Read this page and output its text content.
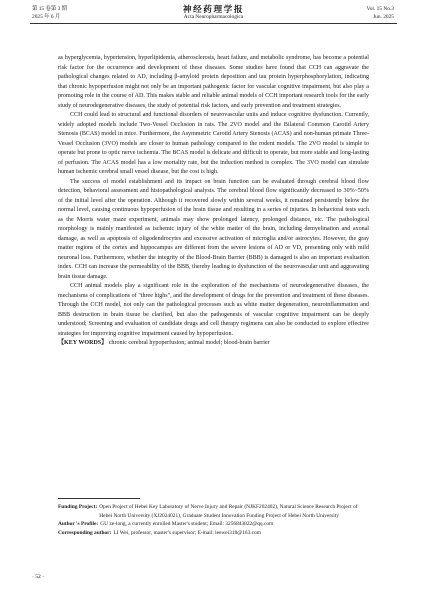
第 15 卷第 3 期
2025 年 6 月
神经药理学报
Acta Neuropharmacologica
Vol. 15 No.3
Jun. 2025

as hyperglycemia, hypertension, hyperlipidemia, atherosclerosis, heart failure, and metabolic syndrome, has become a potential risk factor for the occurrence and development of these diseases. Some studies have found that CCH can aggravate the pathological changes related to AD, including β-amyloid protein deposition and tau protein hyperphosphorylation, indicating that chronic hypoperfusion might not only be an important pathogenic factor for vascular cognitive impairment, but also play a promoting role in the course of AD. This makes stable and reliable animal models of CCH important research tools for the early study of neurodegenerative diseases, the study of potential risk factors, and early prevention and treatment strategies.

CCH could lead to structural and functional disorders of neurovascular units and induce cognitive dysfunction. Currently, widely adopted models include Two-Vessel Occlusion in rats. The 2VO model and the Bilateral Common Carotid Artery Stenosis (BCAS) model in mice. Furthermore, the Asymmetric Carotid Artery Stenosis (ACAS) and non-human primate Three-Vessel Occlusion (3VO) models are closer to human pathology compared to the rodent models. The 2VO model is simple to operate but prone to optic nerve ischemia. The BCAS model is delicate and difficult to operate, but more stable and long-lasting of perfusion. The ACAS model has a low mortality rate, but the induction method is complex. The 3VO model can simulate human ischemic cerebral small vessel disease, but the cost is high.

The success of model establishment and its impact on brain function can be evaluated through cerebral blood flow detection, behavioral assessment and histopathological analysis. The cerebral blood flow significantly decreased to 30%~50% of the initial level after the operation. Although it recovered slowly within several weeks, it remained persistently below the normal level, causing continuous hypoperfusion of the brain tissue and resulting in a series of injuries. In behavioral tests such as the Morris water maze experiment, animals may show prolonged latency, prolonged distance, etc. The pathological morphology is mainly manifested as ischemic injury of the white matter of the brain, including demyelination and axonal damage, as well as apoptosis of oligodendrocytes and excessive activation of microglia and/or astrocytes. However, the gray matter regions of the cortex and hippocampus are different from the severe lesions of AD or VD, presenting only with mild neuronal loss. Furthermore, whether the integrity of the Blood-Brain Barrier (BBB) is damaged is also an important evaluation index. CCH can increase the permeability of the BBB, thereby leading to dysfunction of the neurovascular unit and aggravating brain tissue damage.

CCH animal models play a significant role in the exploration of the mechanisms of neurodegenerative diseases, the mechanisms of complications of "three highs", and the development of drugs for the prevention and treatment of these diseases. Through the CCH model, not only can the pathological processes such as white matter degeneration, neuroinflammation and BBB destruction in brain tissue be clarified, but also the pathogenesis of vascular cognitive impairment can be deeply understood; Screening and evaluation of candidate drugs and cell therapy regimens can also be conducted to explore effective strategies for improving cognitive impairment caused by hypoperfusion.

【KEY WORDS】 chronic cerebral hypoperfusion; animal model; blood-brain barrier

Funding Project: Open Project of Hebei Key Laboratory of Nerve Injury and Repair (NJKF202402), Natural Science Research Project of Hebei North University (XJ2024021), Graduate Student Innovation Funding Project of Hebei North University
Author 's Profile: GU ze-long, a currently enrolled Master's student; Email: 3256843822@qq.com
Corresponding author: LI Wei, professor, master's supervisor; E-mail: leewei318@163.com
· 52 ·
